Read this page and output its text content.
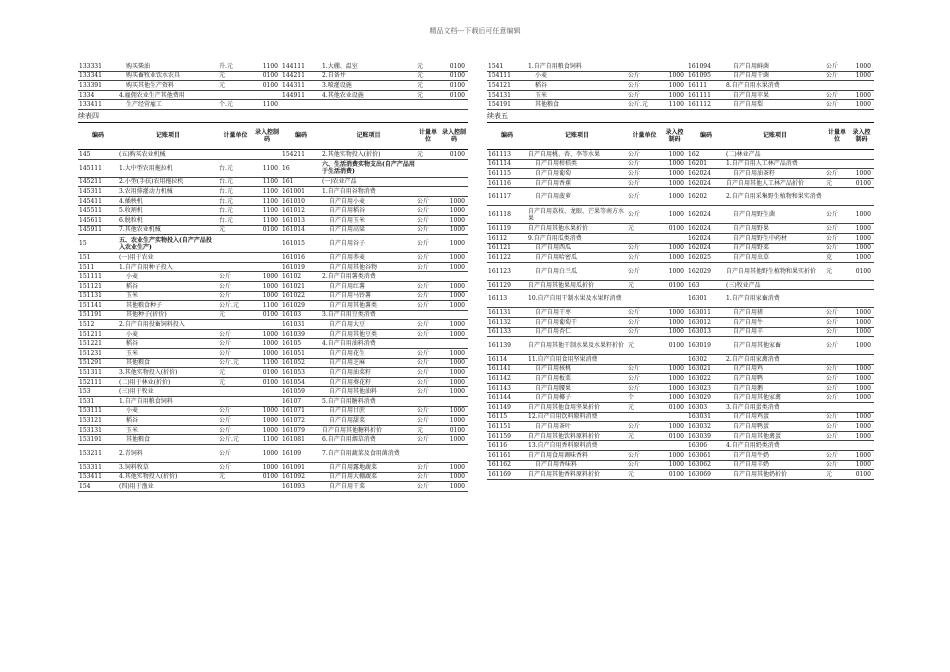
精品文档---下载后可任意编辑
133331	购买柴油	升.元	1100	144111	1.大棚、温室	元	0100
133341	购买畜牧业饮水农具	元	0100	144211	2.自备井	元	0100
133391	购买其他生产资料	元	0100	144311	3.喷灌设施	元	0100
1334	4.雇佣农业生产其他费用			144911	4.其他农业设施	元	0100
133411	生产经营雇工	个.元	1100				
续表四
编码	记账项目	计量单位	录入控制码	编码	记账项目	计量单位	录入控制码
145	(五)购买农业机械			154211	2.其他实物投入(折价)	元	0100
145111	1.大中型农用拖拉机	台.元	1100	16	六、生活消费实物支出(自产产品用于生活消费)		
145211	2.小型(手扶)农用拖拉机	台.元	1100	161	(一)农业产品		
145311	3.农用排灌动力机械	台.元	1100	161001	1.自产自用谷物消费		
145411	4.插秧机	台.元	1100	161010	自产自用小麦	公斤	1000
145511	5.收割机	台.元	1100	161012	自产自用稻谷	公斤	1000
145611	6.脱粒机	台.元	1100	161013	自产自用玉米	公斤	1000
145911	7.其他农业机械	元	0100	161014	自产自用高粱	公斤	1000
15	五、农业生产实物投入(自产产品投入农业生产)			161015	自产自用谷子	公斤	1000
151	(一)用于农业			161016	自产自用荞麦	公斤	1000
1511	1.自产自用种子投入			161019	自产自用其他谷物	公斤	1000
151111	小麦	公斤	1000	16102	2.自产自用薯类消费		
151121	稻谷	公斤	1000	161021	自产自用红薯	公斤	1000
151131	玉米	公斤	1000	161022	自产自用马铃薯	公斤	1000
151141	其他粮食种子	公斤.元	1100	161029	自产自用其他薯类	公斤	1000
151191	其他种子(折价)	元	0100	16103	3.自产自用豆类消费		
1512	2.自产自用役畜饲料投入			161031	自产自用大豆	公斤	1000
151211	小麦	公斤	1000	161039	自产自用其他豆类	公斤	1000
151221	稻谷	公斤	1000	16105	4.自产自用油料消费		
151231	玉米	公斤	1000	161051	自产自用花生	公斤	1000
151291	其他粮食	公斤.元	1100	161052	自产自用芝麻	公斤	1000
151311	3.其他实物投入(折价)	元	0100	161053	自产自用油菜籽	公斤	1000
152111	(二)用于林业(折价)	元	0100	161054	自产自用葵花籽	公斤	1000
153	(三)用于牧业			161059	自产自用其他油料	公斤	1000
1531	1.自产自用粮食饲料			16107	5.自产自用糖料消费		
153111	小麦	公斤	1000	161071	自产自用甘蔗	公斤	1000
153121	稻谷	公斤	1000	161072	自产自用甜菜	公斤	1000
153131	玉米	公斤	1000	161079	自产自用其他糖料折价	元	0100
153191	其他粮食	公斤.元	1100	161081	6.自产自用烟草消费	公斤	1000
153211	2.青饲料	公斤	1000	16109	7.自产自用蔬菜及食用菌消费		
153311	3.饲料牧草	公斤	1000	161091	自产自用露地蔬菜	公斤	1000
153411	4.其他实物投入(折价)	元	0100	161092	自产自用大棚蔬菜	公斤	1000
154	(四)用于渔业			161093	自产自用干菜	公斤	1000
1541	1.自产自用粮食饲料			161094	自产自用鲜菌	公斤	1000
154111	小麦	公斤	1000	161095	自产自用干菌	公斤	1000
154121	稻谷	公斤	1000	16111	8.自产自用水果消费		
154131	玉米	公斤	1000	161111	自产自用苹果	公斤	1000
154191	其他粮食	公斤.元	1100	161112	自产自用梨	公斤	1000
续表五
编码	记账项目	计量单位	录入控制码	编码	记账项目	计量单位	录入控制码
161113	自产自用桃、杏、李等水果	公斤	1000	162	(二)林业产品		
161114	自产自用柑桔类	公斤	1000	16201	1.自产自用人工林产品消费		
161115	自产自用葡萄	公斤	1000	162024	自产自用油茶籽	公斤	1000
161116	自产自用香蕉	公斤	1000	162024	自产自用其他人工林产品折价	元	0100
161117	自产自用菠萝	公斤	1000	16202	2.自产自用采集野生植物和果实消费		
161118	自产自用荔枝、龙眼、芒果等南方水果	公斤	1000	162024	自产自用野生菌	公斤	1000
161119	自产自用其他水果折价	元	0100	162024	自产自用野果	公斤	1000
16112	9.自产自用瓜类消费			162024	自产自用野生中药材	公斤	1000
161121	自产自用西瓜	公斤	1000	162024	自产自用野菜	公斤	1000
161122	自产自用哈密瓜	公斤	1000	162025	自产自用虫草	克	1000
161123	自产自用白兰瓜	公斤	1000	162029	自产自用其他野生植物和果实折价	元	0100
161129	自产自用其他果用瓜折价	元	0100	163	(三)牧业产品		
16113	10.自产自用干制水果及水果籽消费			16301	1.自产自用家畜消费		
161131	自产自用干枣	公斤	1000	163011	自产自用猪	公斤	1000
161132	自产自用葡萄干	公斤	1000	163012	自产自用牛	公斤	1000
161133	自产自用杏仁	公斤	1000	163013	自产自用羊	公斤	1000
161139	自产自用其他干制水果及水果籽折价	元	0100	163019	自产自用其他家畜	公斤	1000
16114	11.自产自用食用坚果消费			16302	2.自产自用家禽消费		
161141	自产自用核桃	公斤	1000	163021	自产自用鸡	公斤	1000
161142	自产自用板栗	公斤	1000	163022	自产自用鸭	公斤	1000
161143	自产自用腰果	公斤	1000	163023	自产自用鹅	公斤	1000
161144	自产自用椰子	个	1000	163029	自产自用其他家禽	公斤	1000
161149	自产自用其他食用坚果折价	元	0100	16303	3.自产自用蛋类消费		
16115	12.自产自用饮料原料消费			163031	自产自用鸡蛋	公斤	1000
161151	自产自用茶叶	公斤	1000	163032	自产自用鸭蛋	公斤	1000
161159	自产自用其他饮料原料折价	元	0100	163039	自产自用其他禽蛋	公斤	1000
16116	13.自产自用香料原料消费			16306	4.自产自用奶类消费		
161161	自产自用食用调味香料	公斤	1000	163061	自产自用牛奶	公斤	1000
161162	自产自用香味料	公斤	1000	163062	自产自用羊奶	公斤	1000
161169	自产自用其他香料原料折价	元	0100	163069	自产自用其他奶折价	元	0100
